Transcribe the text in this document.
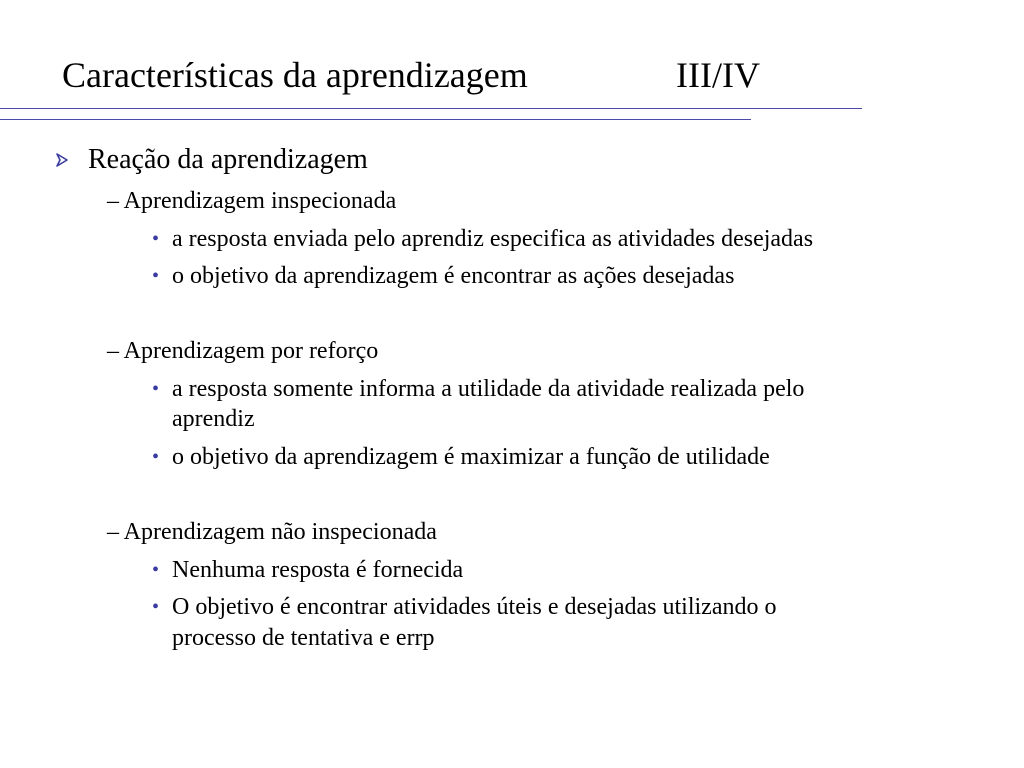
Características da aprendizagem	III/IV
Reação da aprendizagem
– Aprendizagem inspecionada
• a resposta enviada pelo aprendiz especifica as atividades desejadas
• o objetivo da aprendizagem é encontrar as ações desejadas
– Aprendizagem por reforço
• a resposta somente informa a utilidade da atividade realizada pelo
aprendiz
• o objetivo da aprendizagem é maximizar a função de utilidade
– Aprendizagem não inspecionada
• Nenhuma resposta é fornecida
• O objetivo é encontrar atividades úteis e desejadas utilizando o
processo de tentativa e errp
